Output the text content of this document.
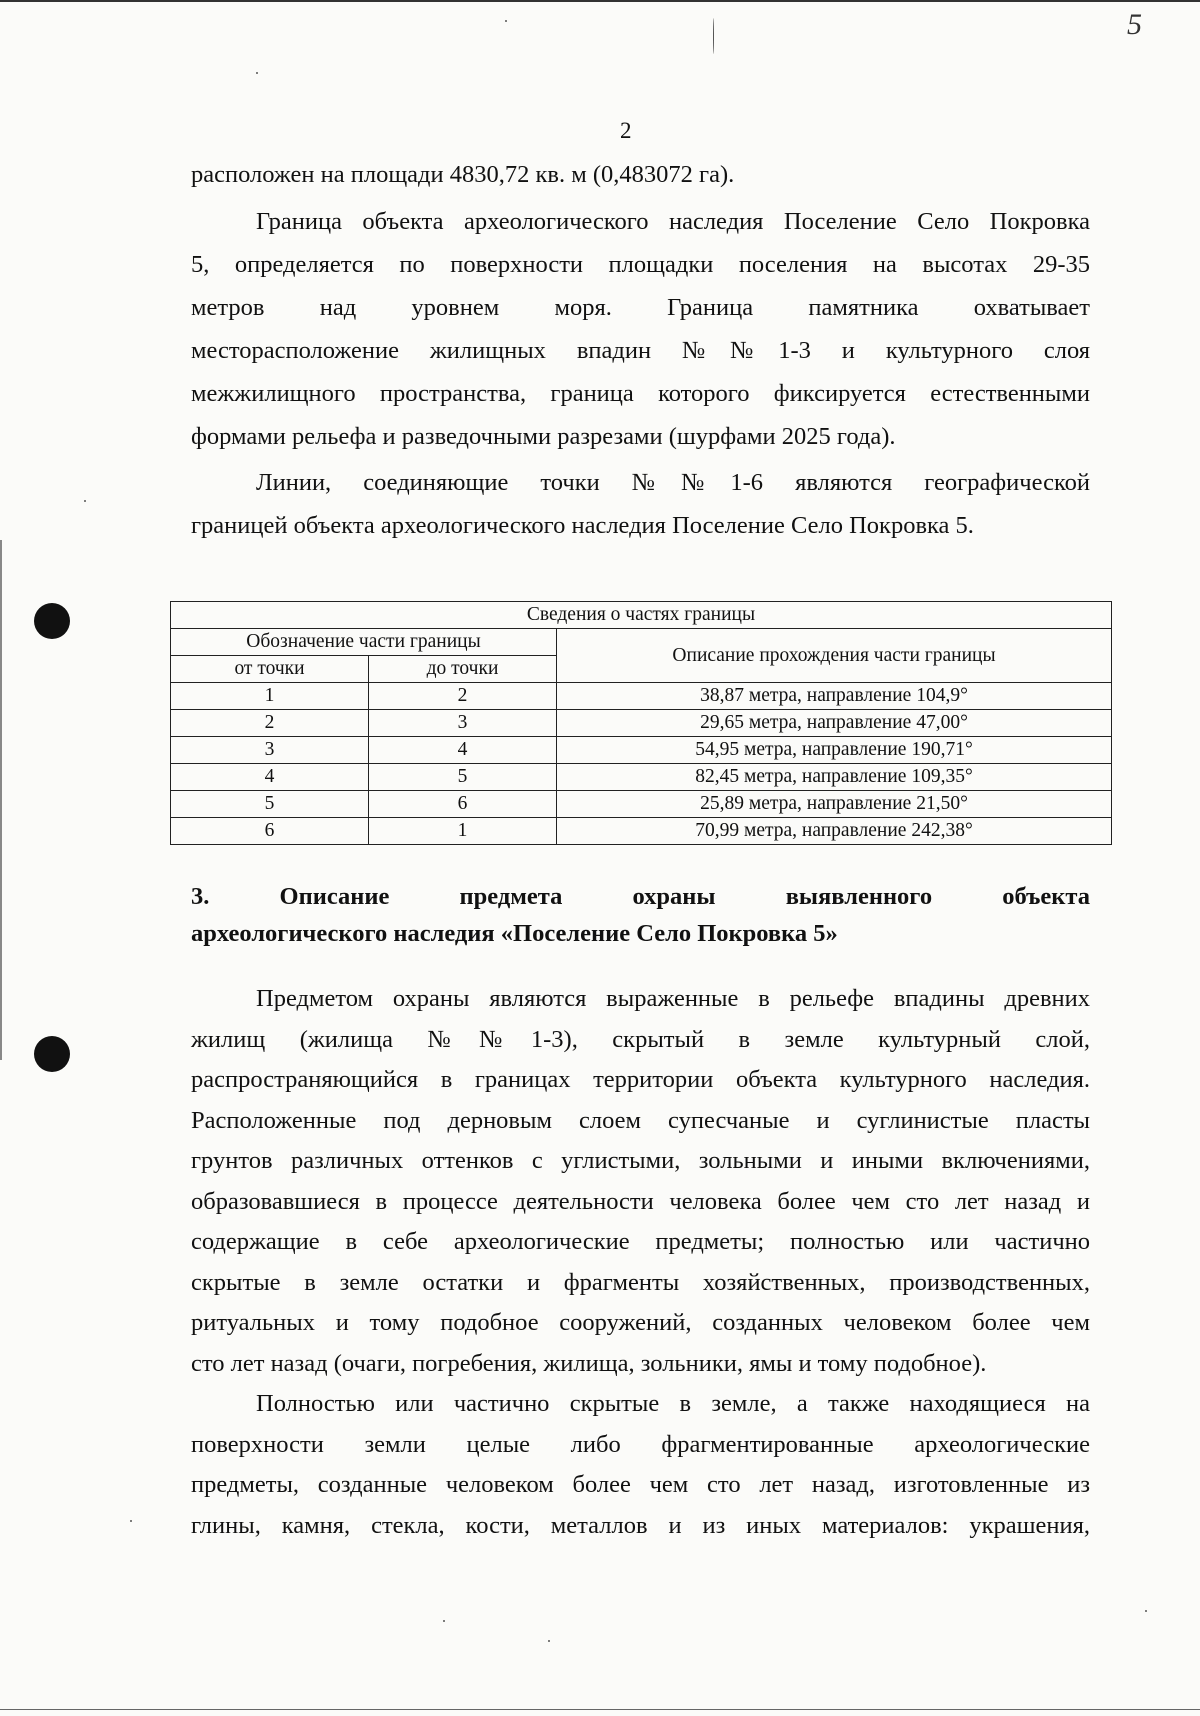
5
2
расположен на площади 4830,72 кв. м (0,483072 га).
Граница объекта археологического наследия Поселение Село Покровка
5, определяется по поверхности площадки поселения на высотах 29-35
метров над уровнем моря. Граница памятника охватывает
месторасположение жилищных впадин №№1-3 и культурного слоя
межжилищного пространства, граница которого фиксируется естественными
формами рельефа и разведочными разрезами (шурфами 2025 года).
Линии, соединяющие точки №№1-6 являются географической
границей объекта археологического наследия Поселение Село Покровка 5.
Сведения о частях границы		
Обозначение части границы		Описание прохождения части границы
от точки	до точки	
1	2	38,87 метра, направление 104,9°
2	3	29,65 метра, направление 47,00°
3	4	54,95 метра, направление 190,71°
4	5	82,45 метра, направление 109,35°
5	6	25,89 метра, направление 21,50°
6	1	70,99 метра, направление 242,38°
3. Описание предмета охраны выявленного объекта
археологического наследия «Поселение Село Покровка 5»
Предметом охраны являются выраженные в рельефе впадины древних
жилищ (жилища №№1-3), скрытый в земле культурный слой,
распространяющийся в границах территории объекта культурного наследия.
Расположенные под дерновым слоем супесчаные и суглинистые пласты
грунтов различных оттенков с углистыми, зольными и иными включениями,
образовавшиеся в процессе деятельности человека более чем сто лет назад и
содержащие в себе археологические предметы; полностью или частично
скрытые в земле остатки и фрагменты хозяйственных, производственных,
ритуальных и тому подобное сооружений, созданных человеком более чем
сто лет назад (очаги, погребения, жилища, зольники, ямы и тому подобное).
Полностью или частично скрытые в земле, а также находящиеся на
поверхности земли целые либо фрагментированные археологические
предметы, созданные человеком более чем сто лет назад, изготовленные из
глины, камня, стекла, кости, металлов и из иных материалов: украшения,
